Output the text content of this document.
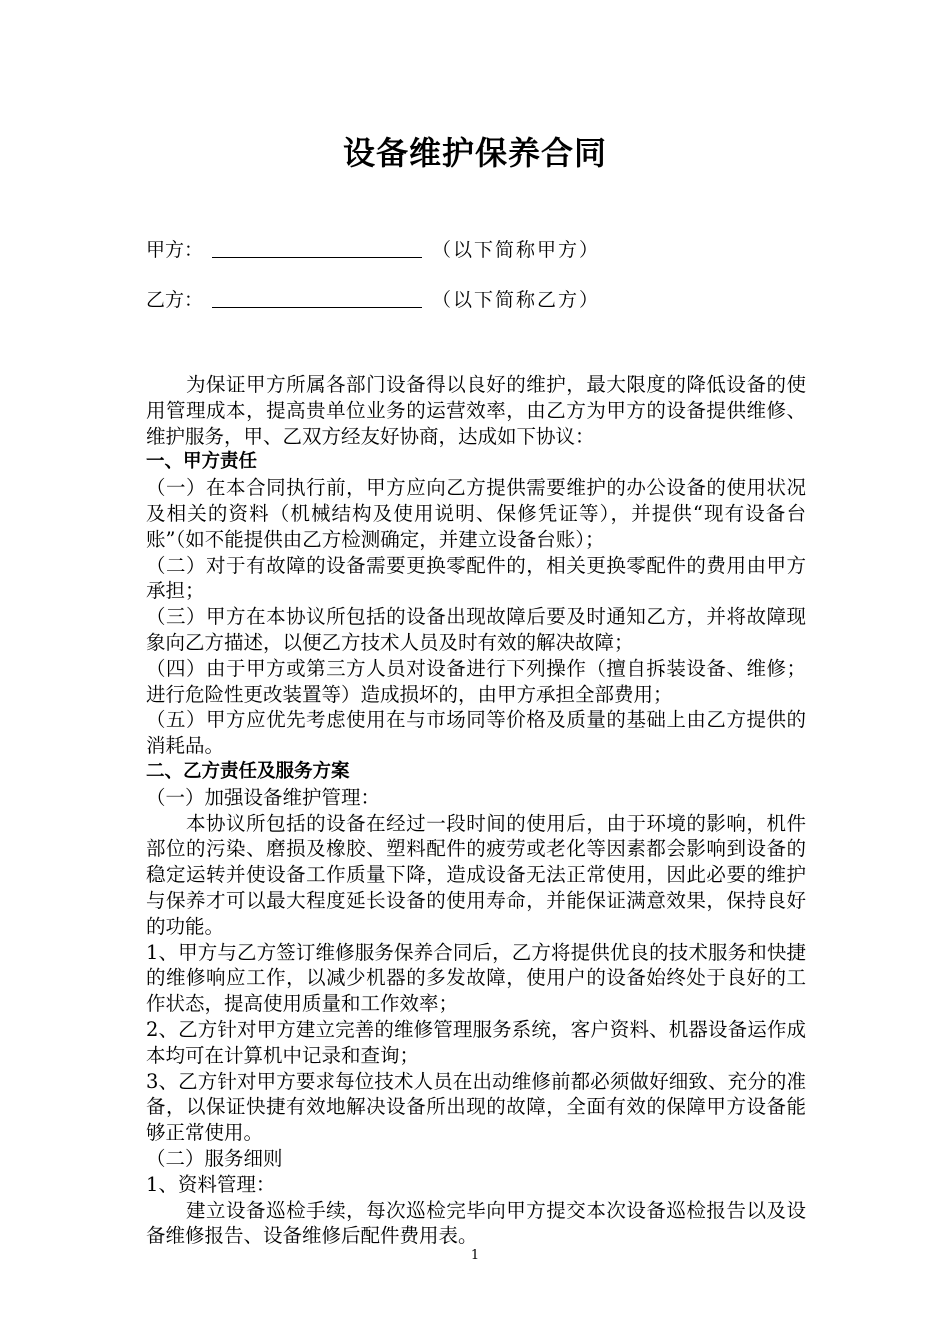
设备维护保养合同
甲方：	（以下简称甲方）
乙方：	（以下简称乙方）

为保证甲方所属各部门设备得以良好的维护，最大限度的降低设备的使用管理成本，提高贵单位业务的运营效率，由乙方为甲方的设备提供维修、维护服务，甲、乙双方经友好协商，达成如下协议：

一、甲方责任

（一）在本合同执行前，甲方应向乙方提供需要维护的办公设备的使用状况及相关的资料（机械结构及使用说明、保修凭证等），并提供“现有设备台账”（如不能提供由乙方检测确定，并建立设备台账）；

（二）对于有故障的设备需要更换零配件的，相关更换零配件的费用由甲方承担；

（三）甲方在本协议所包括的设备出现故障后要及时通知乙方，并将故障现象向乙方描述，以便乙方技术人员及时有效的解决故障；

（四）由于甲方或第三方人员对设备进行下列操作（擅自拆装设备、维修；进行危险性更改装置等）造成损坏的，由甲方承担全部费用；

（五）甲方应优先考虑使用在与市场同等价格及质量的基础上由乙方提供的消耗品。

二、乙方责任及服务方案

（一）加强设备维护管理：

本协议所包括的设备在经过一段时间的使用后，由于环境的影响，机件部位的污染、磨损及橡胶、塑料配件的疲劳或老化等因素都会影响到设备的稳定运转并使设备工作质量下降，造成设备无法正常使用，因此必要的维护与保养才可以最大程度延长设备的使用寿命，并能保证满意效果，保持良好的功能。

1、甲方与乙方签订维修服务保养合同后，乙方将提供优良的技术服务和快捷的维修响应工作，以减少机器的多发故障，使用户的设备始终处于良好的工作状态，提高使用质量和工作效率；

2、乙方针对甲方建立完善的维修管理服务系统，客户资料、机器设备运作成本均可在计算机中记录和查询；

3、乙方针对甲方要求每位技术人员在出动维修前都必须做好细致、充分的准备，以保证快捷有效地解决设备所出现的故障，全面有效的保障甲方设备能够正常使用。

（二）服务细则

1、资料管理：

建立设备巡检手续，每次巡检完毕向甲方提交本次设备巡检报告以及设备维修报告、设备维修后配件费用表。

1
